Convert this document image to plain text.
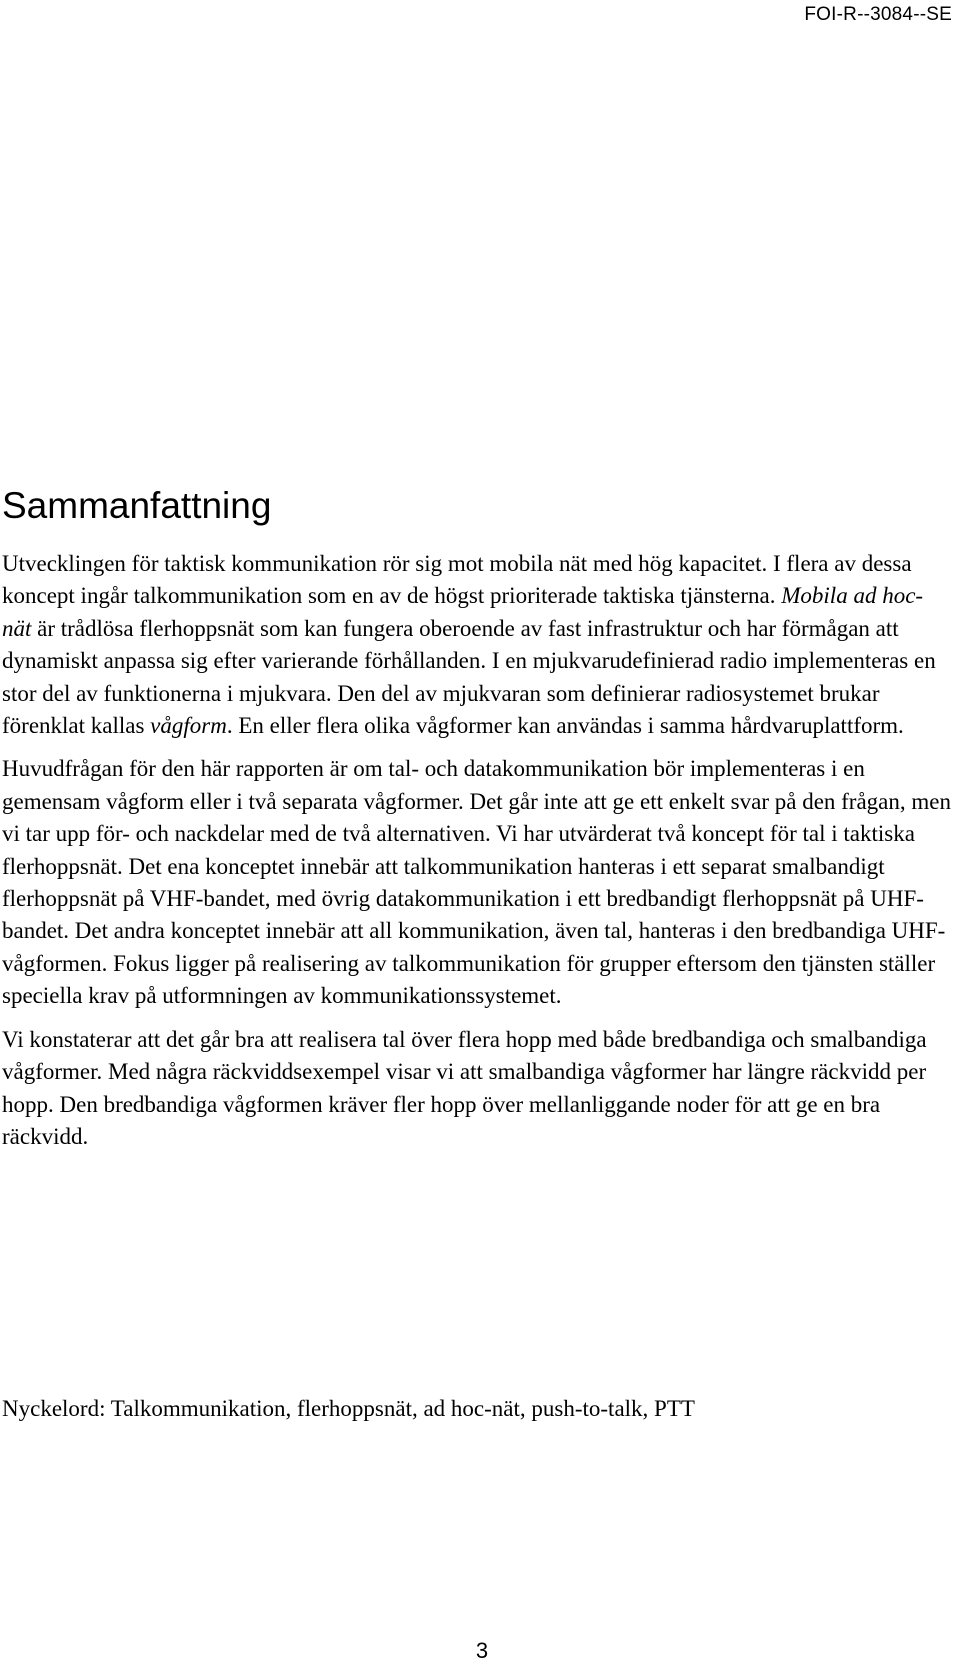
FOI-R--3084--SE
Sammanfattning

Utvecklingen för taktisk kommunikation rör sig mot mobila nät med hög kapacitet. I flera av dessa koncept ingår talkommunikation som en av de högst prioriterade taktiska tjänsterna. Mobila ad hoc-nät är trådlösa flerhoppsnät som kan fungera oberoende av fast infrastruktur och har förmågan att dynamiskt anpassa sig efter varierande förhållanden. I en mjukvarudefinierad radio implementeras en stor del av funktionerna i mjukvara. Den del av mjukvaran som definierar radiosystemet brukar förenklat kallas vågform. En eller flera olika vågformer kan användas i samma hårdvaruplattform.

Huvudfrågan för den här rapporten är om tal- och datakommunikation bör implementeras i en gemensam vågform eller i två separata vågformer. Det går inte att ge ett enkelt svar på den frågan, men vi tar upp för- och nackdelar med de två alternativen. Vi har utvärderat två koncept för tal i taktiska flerhoppsnät. Det ena konceptet innebär att talkommunikation hanteras i ett separat smalbandigt flerhoppsnät på VHF-bandet, med övrig datakommunikation i ett bredbandigt flerhoppsnät på UHF-bandet. Det andra konceptet innebär att all kommunikation, även tal, hanteras i den bredbandiga UHF-vågformen. Fokus ligger på realisering av talkommunikation för grupper eftersom den tjänsten ställer speciella krav på utformningen av kommunikationssystemet.

Vi konstaterar att det går bra att realisera tal över flera hopp med både bredbandiga och smalbandiga vågformer. Med några räckviddsexempel visar vi att smalbandiga vågformer har längre räckvidd per hopp. Den bredbandiga vågformen kräver fler hopp över mellanliggande noder för att ge en bra räckvidd.

Nyckelord: Talkommunikation, flerhoppsnät, ad hoc-nät, push-to-talk, PTT

3
